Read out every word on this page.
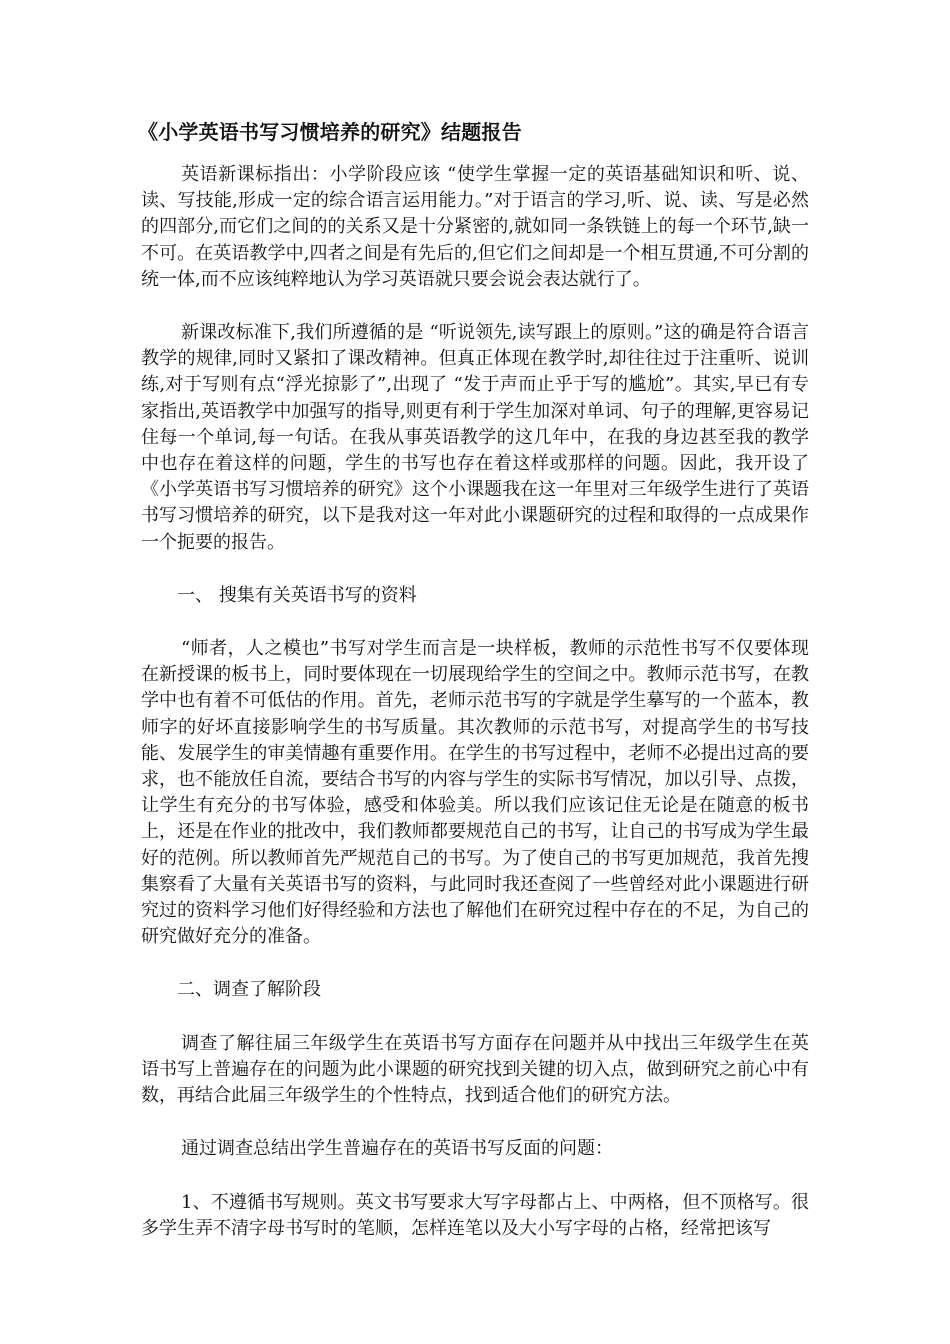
《小学英语书写习惯培养的研究》结题报告

英语新课标指出：小学阶段应该 “使学生掌握一定的英语基础知识和听、说、读、写技能,形成一定的综合语言运用能力。”对于语言的学习,听、说、读、写是必然的四部分,而它们之间的的关系又是十分紧密的,就如同一条铁链上的每一个环节,缺一不可。在英语教学中,四者之间是有先后的,但它们之间却是一个相互贯通,不可分割的统一体,而不应该纯粹地认为学习英语就只要会说会表达就行了。

新课改标准下,我们所遵循的是 “听说领先,读写跟上的原则。”这的确是符合语言教学的规律,同时又紧扣了课改精神。但真正体现在教学时,却往往过于注重听、说训练,对于写则有点“浮光掠影了”,出现了 “发于声而止乎于写的尴尬”。其实,早已有专家指出,英语教学中加强写的指导,则更有利于学生加深对单词、句子的理解,更容易记住每一个单词,每一句话。在我从事英语教学的这几年中，在我的身边甚至我的教学中也存在着这样的问题，学生的书写也存在着这样或那样的问题。因此，我开设了《小学英语书写习惯培养的研究》这个小课题我在这一年里对三年级学生进行了英语书写习惯培养的研究，以下是我对这一年对此小课题研究的过程和取得的一点成果作一个扼要的报告。

一、 搜集有关英语书写的资料

“师者，人之模也”书写对学生而言是一块样板，教师的示范性书写不仅要体现在新授课的板书上，同时要体现在一切展现给学生的空间之中。教师示范书写，在教学中也有着不可低估的作用。首先，老师示范书写的字就是学生摹写的一个蓝本，教师字的好坏直接影响学生的书写质量。其次教师的示范书写，对提高学生的书写技能、发展学生的审美情趣有重要作用。在学生的书写过程中，老师不必提出过高的要求，也不能放任自流，要结合书写的内容与学生的实际书写情况，加以引导、点拨，让学生有充分的书写体验，感受和体验美。所以我们应该记住无论是在随意的板书上，还是在作业的批改中，我们教师都要规范自己的书写，让自己的书写成为学生最好的范例。所以教师首先严规范自己的书写。为了使自己的书写更加规范，我首先搜集察看了大量有关英语书写的资料，与此同时我还查阅了一些曾经对此小课题进行研究过的资料学习他们好得经验和方法也了解他们在研究过程中存在的不足，为自己的研究做好充分的准备。

二、调查了解阶段

调查了解往届三年级学生在英语书写方面存在问题并从中找出三年级学生在英语书写上普遍存在的问题为此小课题的研究找到关键的切入点，做到研究之前心中有数，再结合此届三年级学生的个性特点，找到适合他们的研究方法。

通过调查总结出学生普遍存在的英语书写反面的问题：

1、不遵循书写规则。英文书写要求大写字母都占上、中两格，但不顶格写。很多学生弄不清字母书写时的笔顺，怎样连笔以及大小写字母的占格，经常把该写
